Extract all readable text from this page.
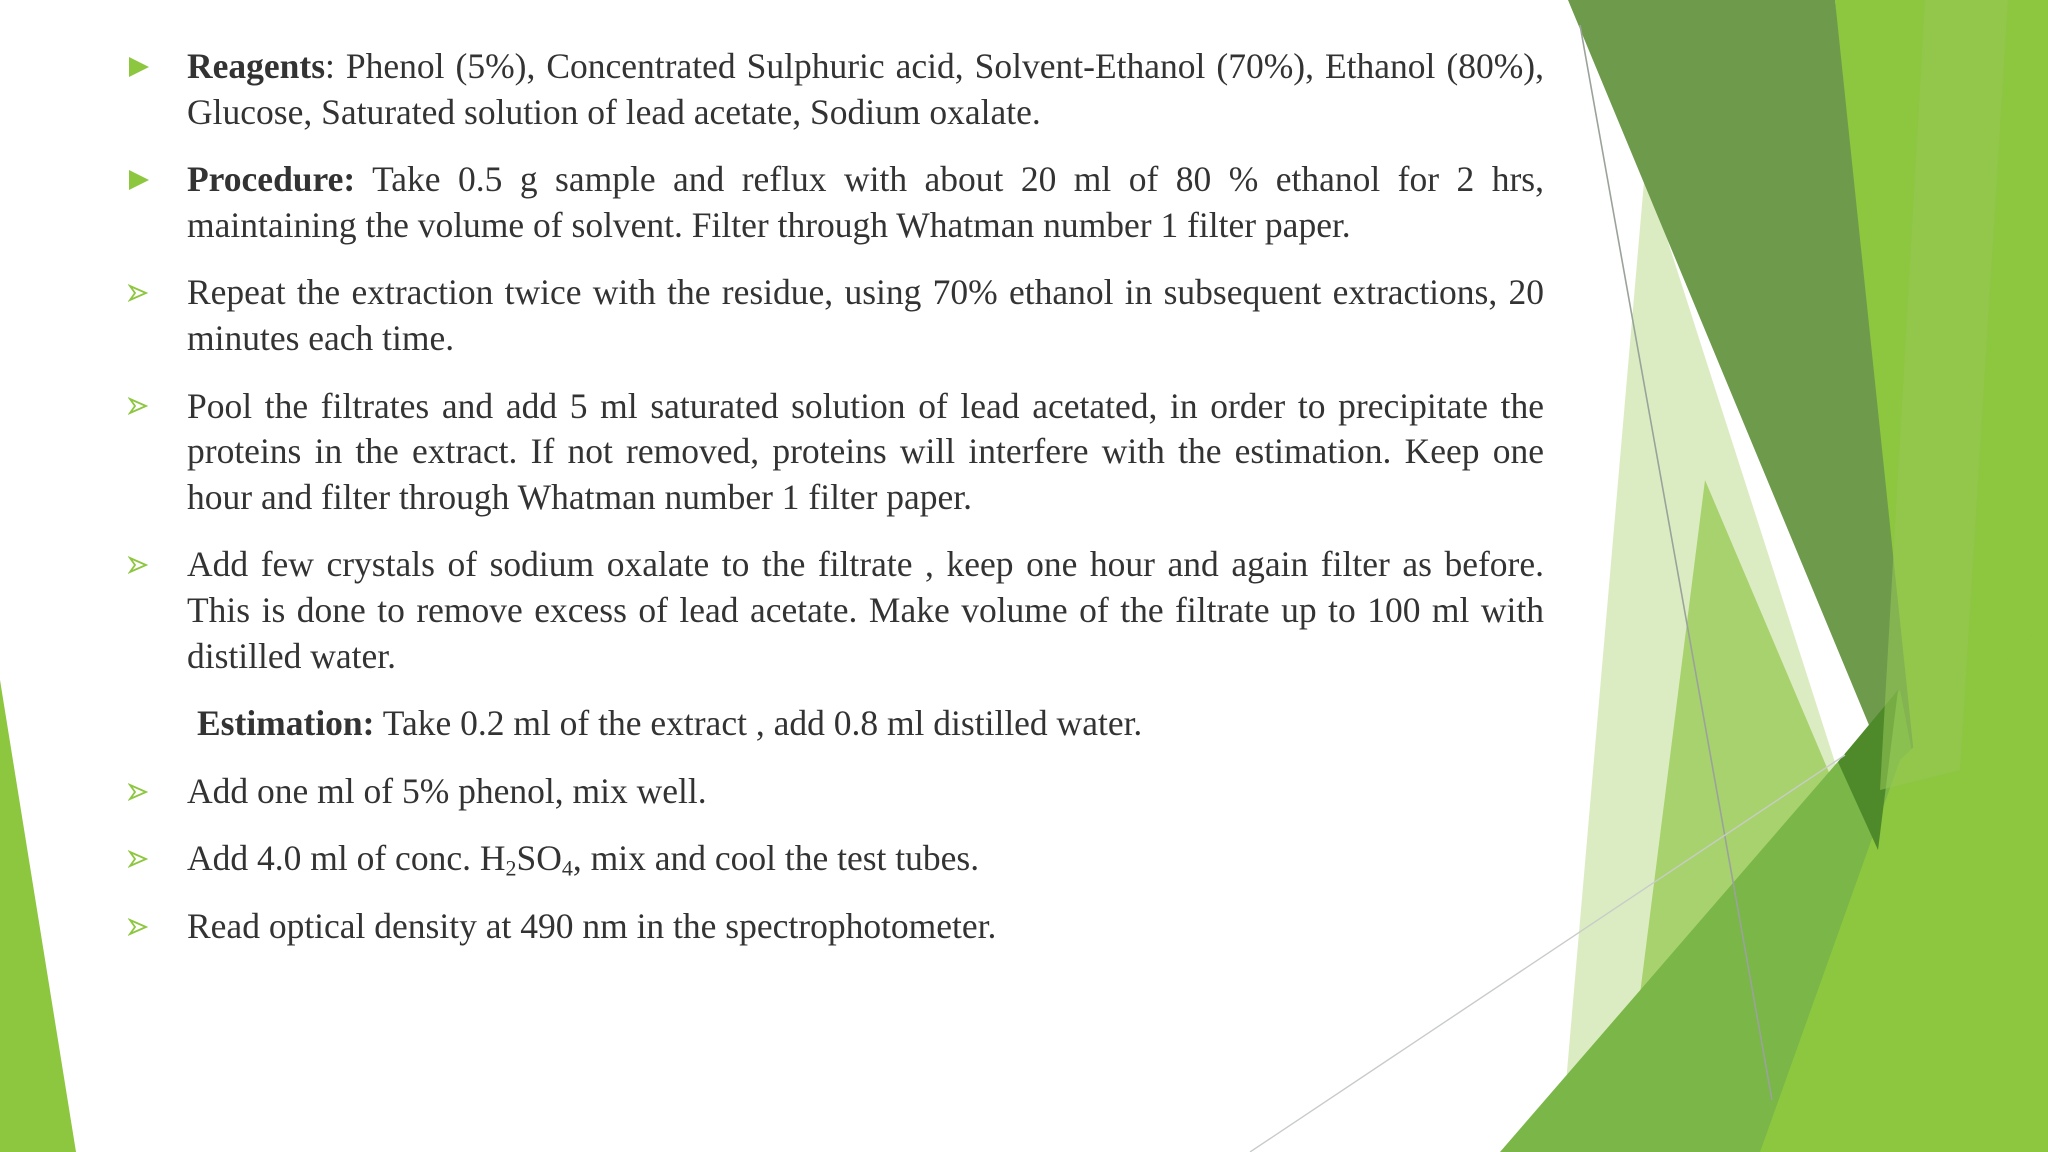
Reagents: Phenol (5%), Concentrated Sulphuric acid, Solvent-Ethanol (70%), Ethanol (80%), Glucose, Saturated solution of lead acetate, Sodium oxalate.
Procedure: Take 0.5 g sample and reflux with about 20 ml of 80 % ethanol for 2 hrs, maintaining the volume of solvent. Filter through Whatman number 1 filter paper.
Repeat the extraction twice with the residue, using 70% ethanol in subsequent extractions, 20 minutes each time.
Pool the filtrates and add 5 ml saturated solution of lead acetated, in order to precipitate the proteins in the extract. If not removed, proteins will interfere with the estimation. Keep one hour and filter through Whatman number 1 filter paper.
Add few crystals of sodium oxalate to the filtrate , keep one hour and again filter as before. This is done to remove excess of lead acetate. Make volume of the filtrate up to 100 ml with distilled water.
Estimation: Take 0.2 ml of the extract , add 0.8 ml distilled water.
Add one ml of 5% phenol, mix well.
Add 4.0 ml of conc. $H_2SO_4$, mix and cool the test tubes.
Read optical density at 490 nm in the spectrophotometer.
